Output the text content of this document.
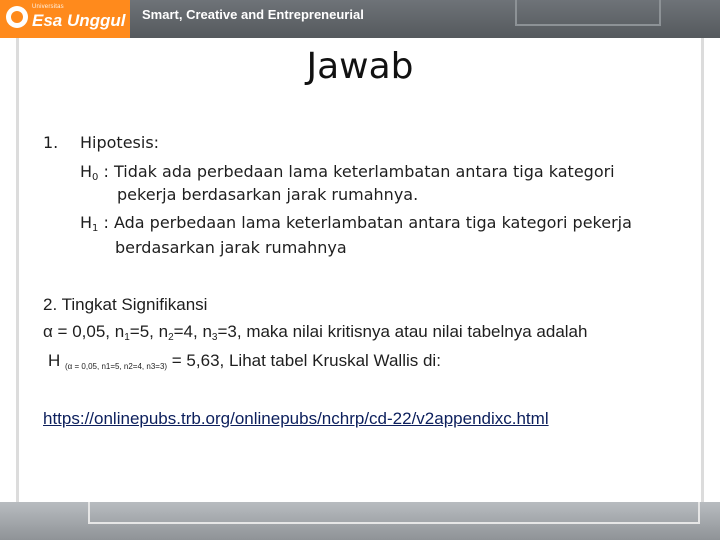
Universitas
Esa Unggul Smart, Creative and Entrepreneurial
Jawab
1. Hipotesis:
$H_0$ : Tidak ada perbedaan lama keterlambatan antara tiga kategori
pekerja berdasarkan jarak rumahnya.
$H_1$ : Ada perbedaan lama keterlambatan antara tiga kategori pekerja
berdasarkan jarak rumahnya
2. Tingkat Signifikansi
α = 0,05, $n_1=5$, $n_2=4$, $n_3=3$, maka nilai kritisnya atau nilai tabelnya adalah
H (α = 0,05, n1=5, n2=4, n3=3) = 5,63, Lihat tabel Kruskal Wallis di:
https://onlinepubs.trb.org/onlinepubs/nchrp/cd-22/v2appendixc.html
